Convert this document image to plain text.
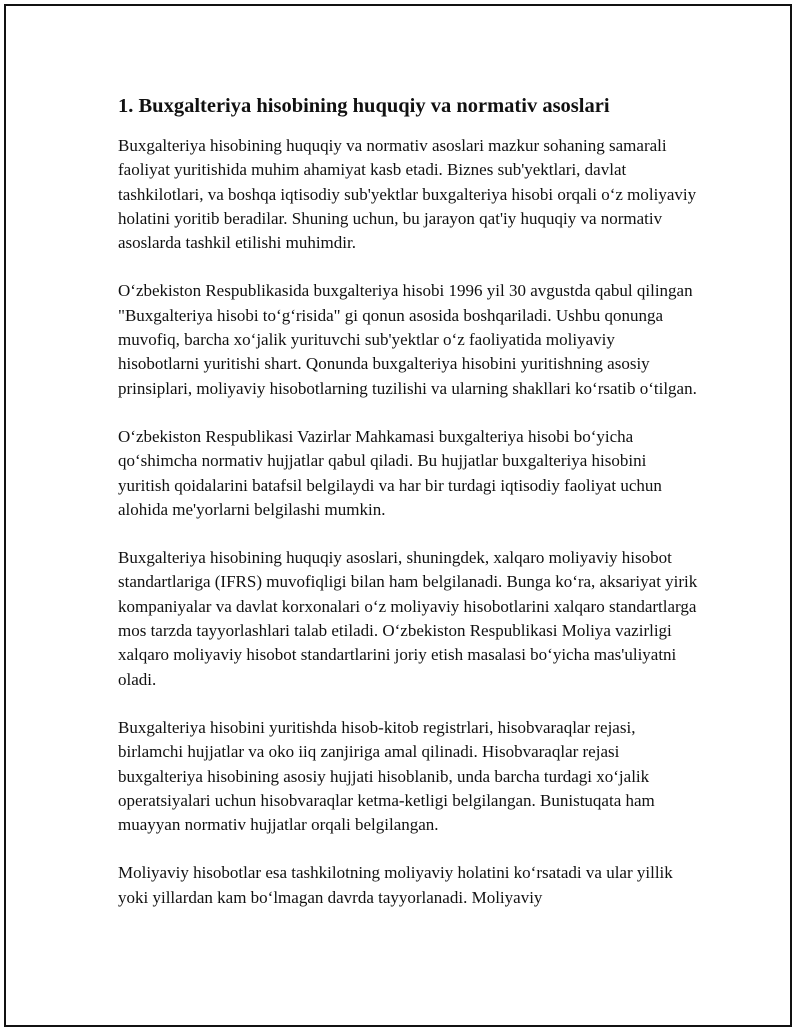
1. Buxgalteriya hisobining huquqiy va normativ asoslari

Buxgalteriya hisobining huquqiy va normativ asoslari mazkur sohaning samarali faoliyat yuritishida muhim ahamiyat kasb etadi. Biznes sub'yektlari, davlat tashkilotlari, va boshqa iqtisodiy sub'yektlar buxgalteriya hisobi orqali o‘z moliyaviy holatini yoritib beradilar. Shuning uchun, bu jarayon qat'iy huquqiy va normativ asoslarda tashkil etilishi muhimdir.

O‘zbekiston Respublikasida buxgalteriya hisobi 1996 yil 30 avgustda qabul qilingan "Buxgalteriya hisobi to‘g‘risida" gi qonun asosida boshqariladi. Ushbu qonunga muvofiq, barcha xo‘jalik yurituvchi sub'yektlar o‘z faoliyatida moliyaviy hisobotlarni yuritishi shart. Qonunda buxgalteriya hisobini yuritishning asosiy prinsiplari, moliyaviy hisobotlarning tuzilishi va ularning shakllari ko‘rsatib o‘tilgan.

O‘zbekiston Respublikasi Vazirlar Mahkamasi buxgalteriya hisobi bo‘yicha qo‘shimcha normativ hujjatlar qabul qiladi. Bu hujjatlar buxgalteriya hisobini yuritish qoidalarini batafsil belgilaydi va har bir turdagi iqtisodiy faoliyat uchun alohida me'yorlarni belgilashi mumkin.

Buxgalteriya hisobining huquqiy asoslari, shuningdek, xalqaro moliyaviy hisobot standartlariga (IFRS) muvofiqligi bilan ham belgilanadi. Bunga ko‘ra, aksariyat yirik kompaniyalar va davlat korxonalari o‘z moliyaviy hisobotlarini xalqaro standartlarga mos tarzda tayyorlashlari talab etiladi. O‘zbekiston Respublikasi Moliya vazirligi xalqaro moliyaviy hisobot standartlarini joriy etish masalasi bo‘yicha mas'uliyatni oladi.

Buxgalteriya hisobini yuritishda hisob-kitob registrlari, hisobvaraqlar rejasi, birlamchi hujjatlar va oko iiq zanjiriga amal qilinadi. Hisobvaraqlar rejasi buxgalteriya hisobining asosiy hujjati hisoblanib, unda barcha turdagi xo‘jalik operatsiyalari uchun hisobvaraqlar ketma-ketligi belgilangan. Bunistuqata ham muayyan normativ hujjatlar orqali belgilangan.

Moliyaviy hisobotlar esa tashkilotning moliyaviy holatini ko‘rsatadi va ular yillik yoki yillardan kam bo‘lmagan davrda tayyorlanadi. Moliyaviy
